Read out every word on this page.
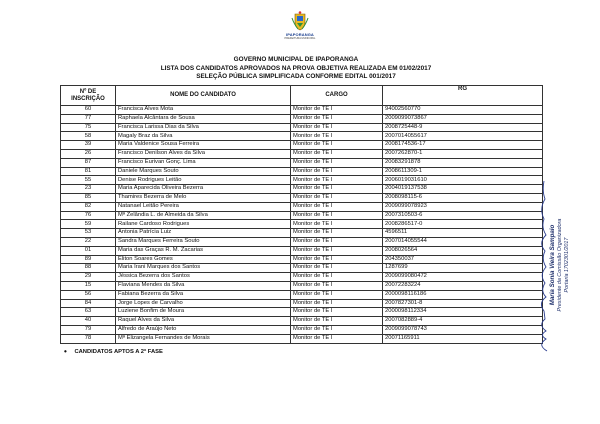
IPAPORANGA
PREFEITURA MUNICIPAL
GOVERNO MUNICIPAL DE IPAPORANGA
LISTA DOS CANDIDATOS APROVADOS NA PROVA OBJETIVA REALIZADA EM 01/02/2017
SELEÇÃO PÚBLICA SIMPLIFICADA CONFORME EDITAL 001/2017
Nº DE
INSCRIÇÃO	NOME DO CANDIDATO	CARGO	RG
60	Francisca Alves Mota	Monitor de TE I	94002560770
77	Raphaela Alcântara de Sousa	Monitor de TE I	2009099073867
75	Francisca Larissa Dias da Silva	Monitor de TE I	2008725448-9
58	Magaly Braz da Silva	Monitor de TE I	2007014055617
39	Maria Valdenice Sousa Ferreira	Monitor de TE I	2008174536-17
26	Francisco Denilson Alves da Silva	Monitor de TE I	2007262870-1
87	Francisco Eurivan Gonç. Lima	Monitor de TE I	2008329187​8
81	Daniele Marques Souto	Monitor de TE I	2008611309-1
55	Denise Rodrigues Leitão	Monitor de TE I	2006019031610
23	Maria Aparecida Oliveira Bezerra	Monitor de TE I	2004019137538
85	Thamires Bezerra de Melo	Monitor de TE I	2008098115-6
82	Natanael Leitão Pereira	Monitor de TE I	2009099078923
76	Mª Zelândia L. de Almeida da Silva	Monitor de TE I	2007310503-6
59	Railane Cardoso Rodrigues	Monitor de TE I	2008286517-0
53	Antonia Patrícia Luiz	Monitor de TE I	4596511
22	Sandra Marques Ferreira Souto	Monitor de TE I	2007014055544
01	Maria das Graças R. M. Zacarias	Monitor de TE I	2008026564
89	Eliton Soares Gomes	Monitor de TE I	204350037
88	Maria Irani Marques dos Santos	Monitor de TE I	1287699
29	Jéssica Bezerra dos Santos	Monitor de TE I	2009099080472
15	Flaviana Mendes da Silva	Monitor de TE I	20072283224
56	Fabiana Bezerra da Silva	Monitor de TE I	2000098116186
84	Jorge Lopes de Carvalho	Monitor de TE I	2007827301-8
63	Luziene Bonfim de Moura	Monitor de TE I	2000098112334
40	Raquel Alves da Silva	Monitor de TE I	2007082889-4
79	Alfredo de Araújo Neto	Monitor de TE I	2009099078743
78	Mª Elizangela Fernandes de Morais	Monitor de TE I	20071165911
• CANDIDATOS APTOS A 2ª FASE
Maria Sonia Vieira Sampaio Presidente da Comissão Organizadora Portaria 1702301/2017
